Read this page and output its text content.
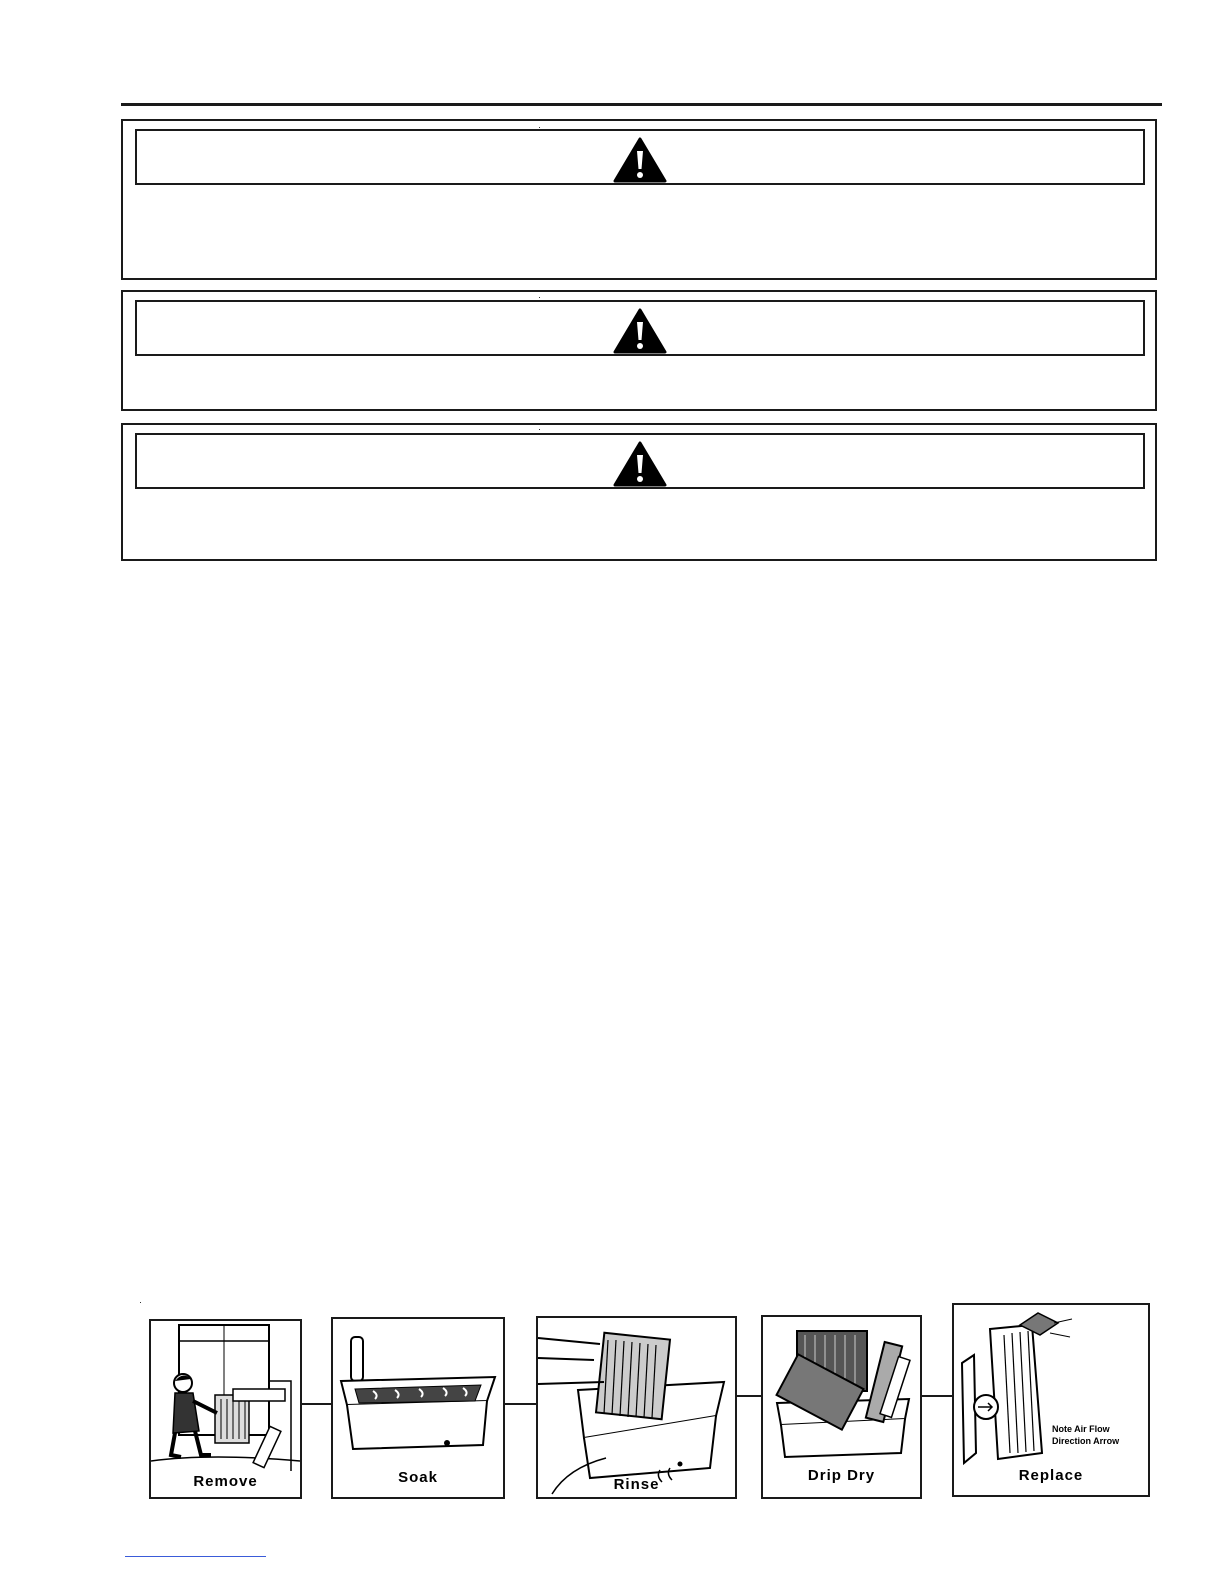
Remove	Soak	Rinse
Drip Dry
Note Air Flow
Direction Arrow
Replace
